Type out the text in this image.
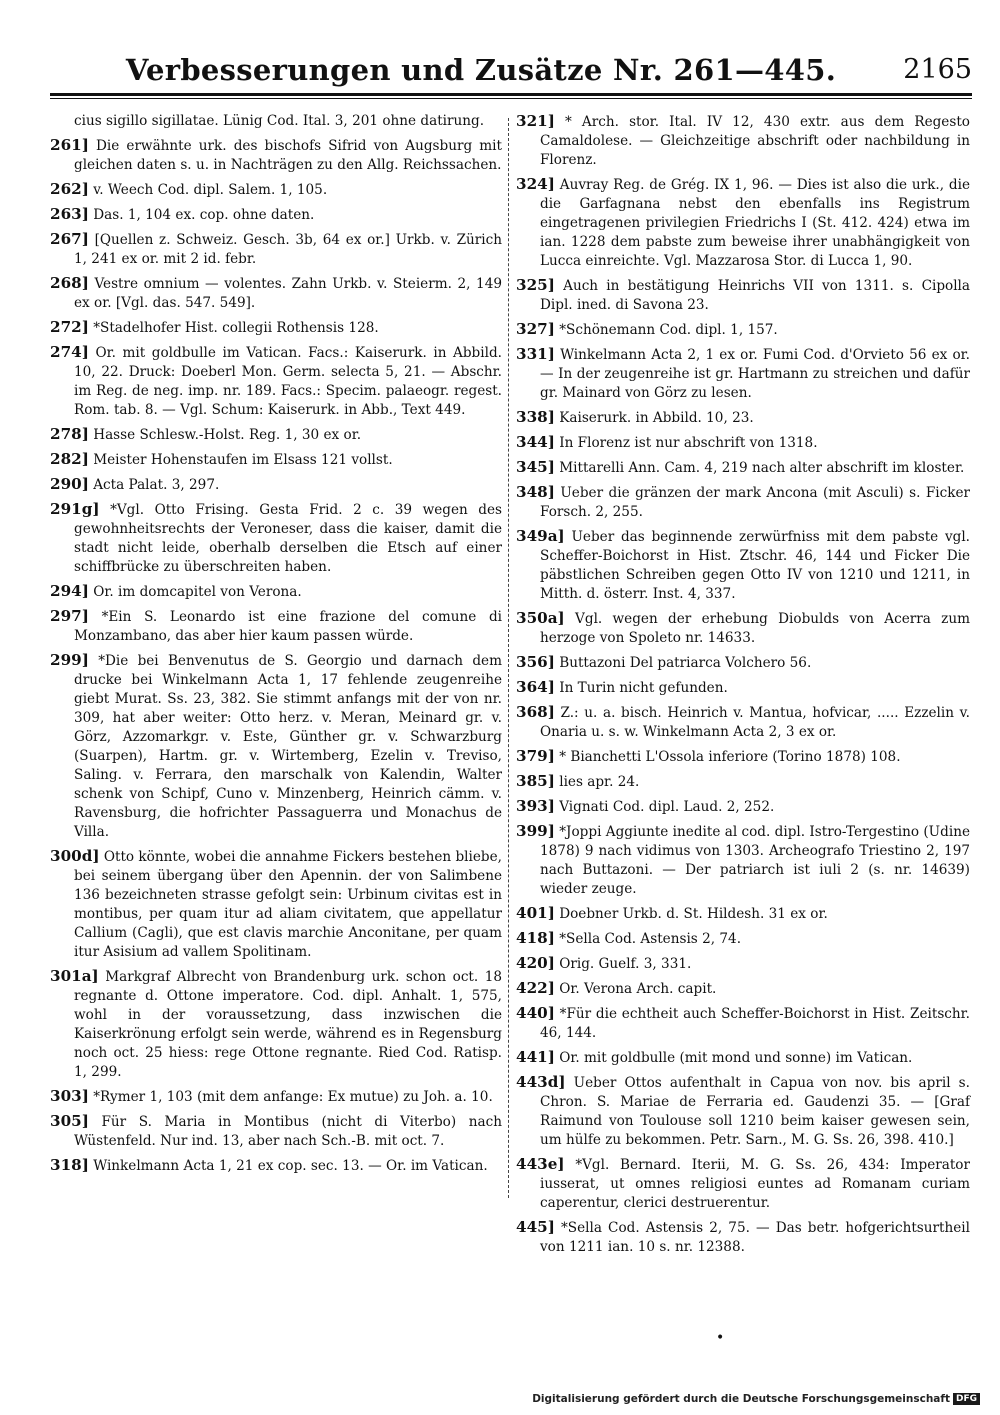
Verbesserungen und Zusätze Nr. 261—445.	2165
cius sigillo sigillatae. Lünig Cod. Ital. 3, 201 ohne datirung.
261] Die erwähnte urk. des bischofs Sifrid von Augsburg mit gleichen daten s. u. in Nachträgen zu den Allg. Reichssachen.
262] v. Weech Cod. dipl. Salem. 1, 105.
263] Das. 1, 104 ex. cop. ohne daten.
267] [Quellen z. Schweiz. Gesch. 3b, 64 ex or.] Urkb. v. Zürich 1, 241 ex or. mit 2 id. febr.
268] Vestre omnium — volentes. Zahn Urkb. v. Steierm. 2, 149 ex or. [Vgl. das. 547. 549].
272] *Stadelhofer Hist. collegii Rothensis 128.
274] Or. mit goldbulle im Vatican. Facs.: Kaiserurk. in Abbild. 10, 22. Druck: Doeberl Mon. Germ. selecta 5, 21. — Abschr. im Reg. de neg. imp. nr. 189. Facs.: Specim. palaeogr. regest. Rom. tab. 8. — Vgl. Schum: Kaiserurk. in Abb., Text 449.
278] Hasse Schlesw.-Holst. Reg. 1, 30 ex or.
282] Meister Hohenstaufen im Elsass 121 vollst.
290] Acta Palat. 3, 297.
291g] *Vgl. Otto Frising. Gesta Frid. 2 c. 39 wegen des gewohnheitsrechts der Veroneser, dass die kaiser, damit die stadt nicht leide, oberhalb derselben die Etsch auf einer schiffbrücke zu überschreiten haben.
294] Or. im domcapitel von Verona.
297] *Ein S. Leonardo ist eine frazione del comune di Monzambano, das aber hier kaum passen würde.
299] *Die bei Benvenutus de S. Georgio und darnach dem drucke bei Winkelmann Acta 1, 17 fehlende zeugenreihe giebt Murat. Ss. 23, 382. Sie stimmt anfangs mit der von nr. 309, hat aber weiter: Otto herz. v. Meran, Meinard gr. v. Görz, Azzomarkgr. v. Este, Günther gr. v. Schwarzburg (Suarpen), Hartm. gr. v. Wirtemberg, Ezelin v. Treviso, Saling. v. Ferrara, den marschalk von Kalendin, Walter schenk von Schipf, Cuno v. Minzenberg, Heinrich cämm. v. Ravensburg, die hofrichter Passaguerra und Monachus de Villa.
300d] Otto könnte, wobei die annahme Fickers bestehen bliebe, bei seinem übergang über den Apennin. der von Salimbene 136 bezeichneten strasse gefolgt sein: Urbinum civitas est in montibus, per quam itur ad aliam civitatem, que appellatur Callium (Cagli), que est clavis marchie Anconitane, per quam itur Asisium ad vallem Spolitinam.
301a] Markgraf Albrecht von Brandenburg urk. schon oct. 18 regnante d. Ottone imperatore. Cod. dipl. Anhalt. 1, 575, wohl in der voraussetzung, dass inzwischen die Kaiserkrönung erfolgt sein werde, während es in Regensburg noch oct. 25 hiess: rege Ottone regnante. Ried Cod. Ratisp. 1, 299.
303] *Rymer 1, 103 (mit dem anfange: Ex mutue) zu Joh. a. 10.
305] Für S. Maria in Montibus (nicht di Viterbo) nach Wüstenfeld. Nur ind. 13, aber nach Sch.-B. mit oct. 7.
318] Winkelmann Acta 1, 21 ex cop. sec. 13. — Or. im Vatican.
321] * Arch. stor. Ital. IV 12, 430 extr. aus dem Regesto Camaldolese. — Gleichzeitige abschrift oder nachbildung in Florenz.
324] Auvray Reg. de Grég. IX 1, 96. — Dies ist also die urk., die die Garfagnana nebst den ebenfalls ins Registrum eingetragenen privilegien Friedrichs I (St. 412. 424) etwa im ian. 1228 dem pabste zum beweise ihrer unabhängigkeit von Lucca einreichte. Vgl. Mazzarosa Stor. di Lucca 1, 90.
325] Auch in bestätigung Heinrichs VII von 1311. s. Cipolla Dipl. ined. di Savona 23.
327] *Schönemann Cod. dipl. 1, 157.
331] Winkelmann Acta 2, 1 ex or. Fumi Cod. d'Orvieto 56 ex or. — In der zeugenreihe ist gr. Hartmann zu streichen und dafür gr. Mainard von Görz zu lesen.
338] Kaiserurk. in Abbild. 10, 23.
344] In Florenz ist nur abschrift von 1318.
345] Mittarelli Ann. Cam. 4, 219 nach alter abschrift im kloster.
348] Ueber die gränzen der mark Ancona (mit Asculi) s. Ficker Forsch. 2, 255.
349a] Ueber das beginnende zerwürfniss mit dem pabste vgl. Scheffer-Boichorst in Hist. Ztschr. 46, 144 und Ficker Die päbstlichen Schreiben gegen Otto IV von 1210 und 1211, in Mitth. d. österr. Inst. 4, 337.
350a] Vgl. wegen der erhebung Diobulds von Acerra zum herzoge von Spoleto nr. 14633.
356] Buttazoni Del patriarca Volchero 56.
364] In Turin nicht gefunden.
368] Z.: u. a. bisch. Heinrich v. Mantua, hofvicar, ..... Ezzelin v. Onaria u. s. w. Winkelmann Acta 2, 3 ex or.
379] * Bianchetti L'Ossola inferiore (Torino 1878) 108.
385] lies apr. 24.
393] Vignati Cod. dipl. Laud. 2, 252.
399] *Joppi Aggiunte inedite al cod. dipl. Istro-Tergestino (Udine 1878) 9 nach vidimus von 1303. Archeografo Triestino 2, 197 nach Buttazoni. — Der patriarch ist iuli 2 (s. nr. 14639) wieder zeuge.
401] Doebner Urkb. d. St. Hildesh. 31 ex or.
418] *Sella Cod. Astensis 2, 74.
420] Orig. Guelf. 3, 331.
422] Or. Verona Arch. capit.
440] *Für die echtheit auch Scheffer-Boichorst in Hist. Zeitschr. 46, 144.
441] Or. mit goldbulle (mit mond und sonne) im Vatican.
443d] Ueber Ottos aufenthalt in Capua von nov. bis april s. Chron. S. Mariae de Ferraria ed. Gaudenzi 35. — [Graf Raimund von Toulouse soll 1210 beim kaiser gewesen sein, um hülfe zu bekommen. Petr. Sarn., M. G. Ss. 26, 398. 410.]
443e] *Vgl. Bernard. Iterii, M. G. Ss. 26, 434: Imperator iusserat, ut omnes religiosi euntes ad Romanam curiam caperentur, clerici destruerentur.
445] *Sella Cod. Astensis 2, 75. — Das betr. hofgerichtsurtheil von 1211 ian. 10 s. nr. 12388.
•
Digitalisierung gefördert durch die Deutsche Forschungsgemeinschaft DFG
